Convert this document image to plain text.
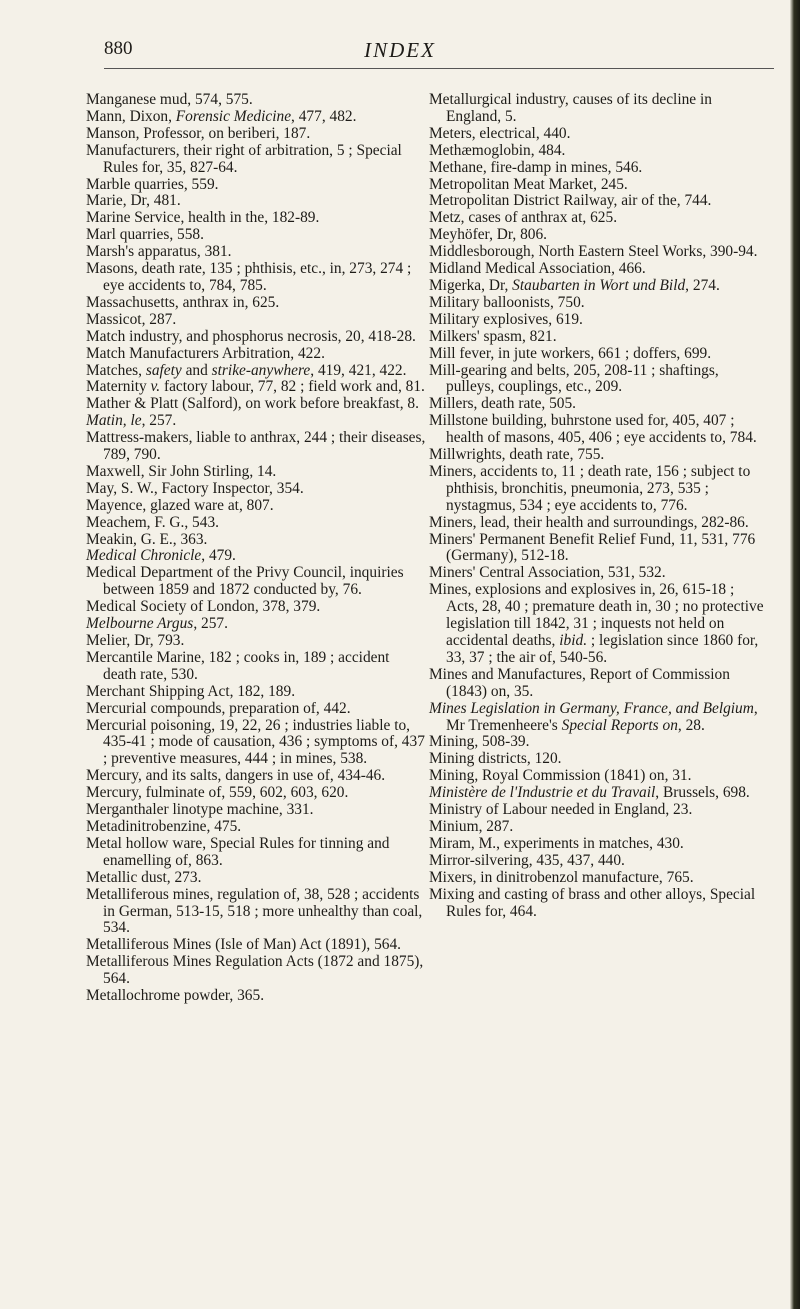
880	INDEX

Manganese mud, 574, 575.

Mann, Dixon, Forensic Medicine, 477, 482.

Manson, Professor, on beriberi, 187.

Manufacturers, their right of arbitration, 5 ; Special Rules for, 35, 827-64.

Marble quarries, 559.

Marie, Dr, 481.

Marine Service, health in the, 182-89.

Marl quarries, 558.

Marsh's apparatus, 381.

Masons, death rate, 135 ; phthisis, etc., in, 273, 274 ; eye accidents to, 784, 785.

Massachusetts, anthrax in, 625.

Massicot, 287.

Match industry, and phosphorus necrosis, 20, 418-28.

Match Manufacturers Arbitration, 422.

Matches, safety and strike-anywhere, 419, 421, 422.

Maternity v. factory labour, 77, 82 ; field work and, 81.

Mather & Platt (Salford), on work before breakfast, 8.

Matin, le, 257.

Mattress-makers, liable to anthrax, 244 ; their diseases, 789, 790.

Maxwell, Sir John Stirling, 14.

May, S. W., Factory Inspector, 354.

Mayence, glazed ware at, 807.

Meachem, F. G., 543.

Meakin, G. E., 363.

Medical Chronicle, 479.

Medical Department of the Privy Council, inquiries between 1859 and 1872 conducted by, 76.

Medical Society of London, 378, 379.

Melbourne Argus, 257.

Melier, Dr, 793.

Mercantile Marine, 182 ; cooks in, 189 ; accident death rate, 530.

Merchant Shipping Act, 182, 189.

Mercurial compounds, preparation of, 442.

Mercurial poisoning, 19, 22, 26 ; industries liable to, 435-41 ; mode of causation, 436 ; symptoms of, 437 ; preventive measures, 444 ; in mines, 538.

Mercury, and its salts, dangers in use of, 434-46.

Mercury, fulminate of, 559, 602, 603, 620.

Merganthaler linotype machine, 331.

Metadinitrobenzine, 475.

Metal hollow ware, Special Rules for tinning and enamelling of, 863.

Metallic dust, 273.

Metalliferous mines, regulation of, 38, 528 ; accidents in German, 513-15, 518 ; more unhealthy than coal, 534.

Metalliferous Mines (Isle of Man) Act (1891), 564.

Metalliferous Mines Regulation Acts (1872 and 1875), 564.

Metallochrome powder, 365.

Metallurgical industry, causes of its decline in England, 5.

Meters, electrical, 440.

Methæmoglobin, 484.

Methane, fire-damp in mines, 546.

Metropolitan Meat Market, 245.

Metropolitan District Railway, air of the, 744.

Metz, cases of anthrax at, 625.

Meyhöfer, Dr, 806.

Middlesborough, North Eastern Steel Works, 390-94.

Midland Medical Association, 466.

Migerka, Dr, Staubarten in Wort und Bild, 274.

Military balloonists, 750.

Military explosives, 619.

Milkers' spasm, 821.

Mill fever, in jute workers, 661 ; doffers, 699.

Mill-gearing and belts, 205, 208-11 ; shaftings, pulleys, couplings, etc., 209.

Millers, death rate, 505.

Millstone building, buhrstone used for, 405, 407 ; health of masons, 405, 406 ; eye accidents to, 784.

Millwrights, death rate, 755.

Miners, accidents to, 11 ; death rate, 156 ; subject to phthisis, bronchitis, pneumonia, 273, 535 ; nystagmus, 534 ; eye accidents to, 776.

Miners, lead, their health and surroundings, 282-86.

Miners' Permanent Benefit Relief Fund, 11, 531, 776 (Germany), 512-18.

Miners' Central Association, 531, 532.

Mines, explosions and explosives in, 26, 615-18 ; Acts, 28, 40 ; premature death in, 30 ; no protective legislation till 1842, 31 ; inquests not held on accidental deaths, ibid. ; legislation since 1860 for, 33, 37 ; the air of, 540-56.

Mines and Manufactures, Report of Commission (1843) on, 35.

Mines Legislation in Germany, France, and Belgium, Mr Tremenheere's Special Reports on, 28.

Mining, 508-39.

Mining districts, 120.

Mining, Royal Commission (1841) on, 31.

Ministère de l'Industrie et du Travail, Brussels, 698.

Ministry of Labour needed in England, 23.

Minium, 287.

Miram, M., experiments in matches, 430.

Mirror-silvering, 435, 437, 440.

Mixers, in dinitrobenzol manufacture, 765.

Mixing and casting of brass and other alloys, Special Rules for, 464.
